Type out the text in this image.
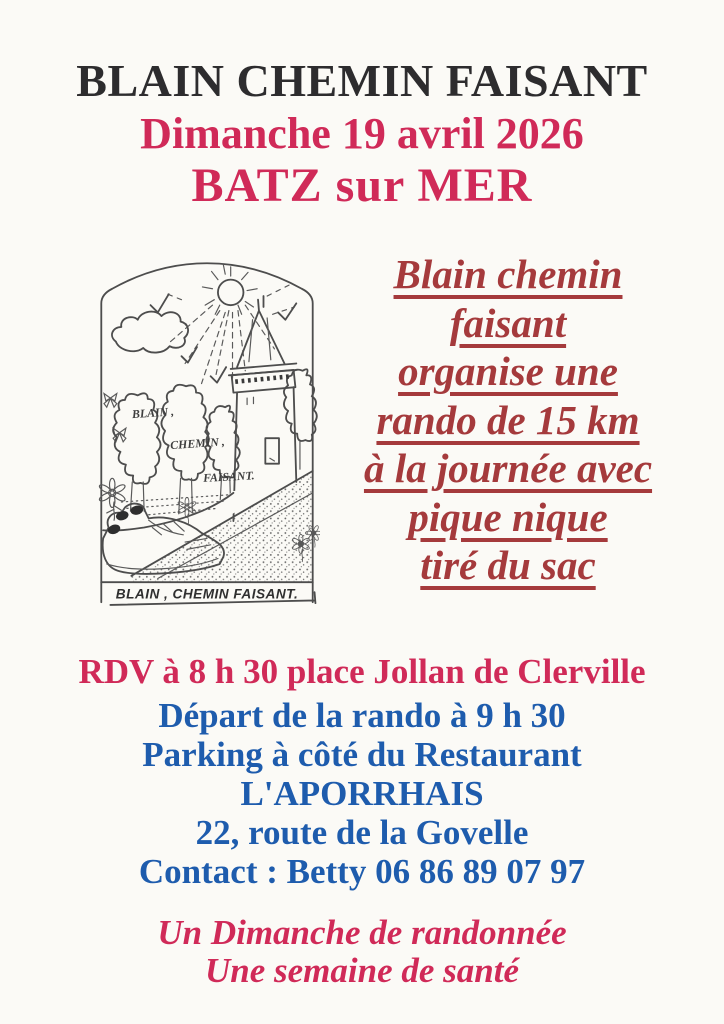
BLAIN CHEMIN FAISANT
Dimanche 19 avril 2026
BATZ sur MER
Blain chemin
faisant
organise une
rando de 15 km
à la journée avec
pique nique
tiré du sac
BLAIN ,
CHEMIN ,
FAISANT.
BLAIN , CHEMIN FAISANT.
RDV à 8 h 30 place Jollan de Clerville
Départ de la rando à 9 h 30
Parking à côté du Restaurant
L'APORRHAIS
22, route de la Govelle
Contact : Betty 06 86 89 07 97
Un Dimanche de randonnée
Une semaine de santé
